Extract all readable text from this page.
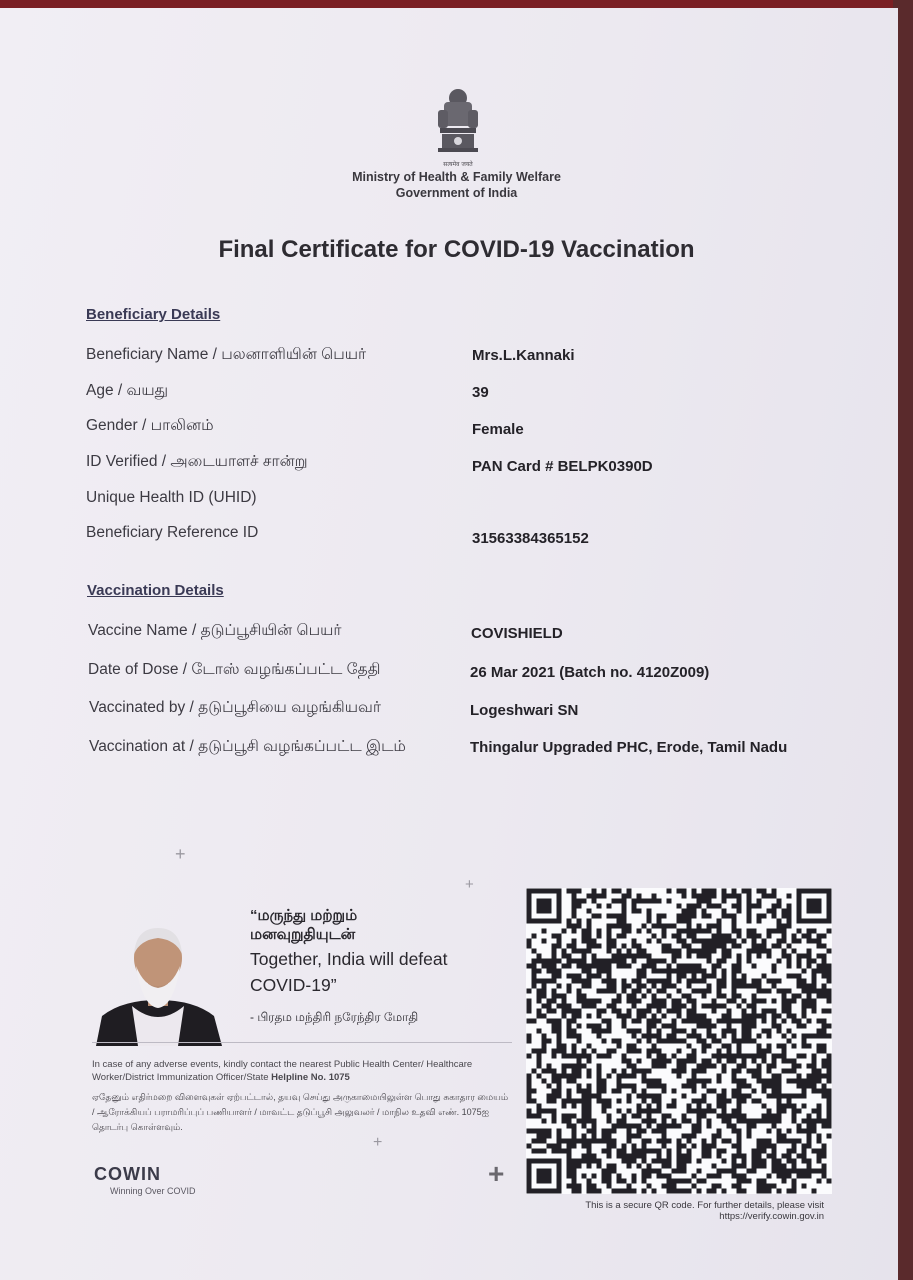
सत्यमेव जयते
Ministry of Health & Family Welfare
Government of India
Final Certificate for COVID-19 Vaccination
Beneficiary Details
Beneficiary Name / பலனாளியின் பெயர்	Mrs.L.Kannaki
Age / வயது	39
Gender / பாலினம்	Female
ID Verified / அடையாளச் சான்று	PAN Card # BELPK0390D
Unique Health ID (UHID)
Beneficiary Reference ID	31563384365152
Vaccination Details
Vaccine Name / தடுப்பூசியின் பெயர்	COVISHIELD
Date of Dose / டோஸ் வழங்கப்பட்ட தேதி	26 Mar 2021 (Batch no. 4120Z009)
Vaccinated by / தடுப்பூசியை வழங்கியவர்	Logeshwari SN
Vaccination at / தடுப்பூசி வழங்கப்பட்ட இடம்	Thingalur Upgraded PHC, Erode, Tamil Nadu
+
+
+
+
“மருந்து மற்றும்
மனவுறுதியுடன்
Together, India will defeat
COVID-19”
- பிரதம மந்திரி நரேந்திர மோதி
In case of any adverse events, kindly contact the nearest Public Health Center/ Healthcare Worker/District Immunization Officer/State Helpline No. 1075
ஏதேனும் எதிர்மறை விளைவுகள் ஏற்பட்டால், தயவு செய்து அருகாமையிலுள்ள பொது சுகாதார மையம் / ஆரோக்கியப் பராமரிப்புப் பணியாளர் / மாவட்ட தடுப்பூசி அலுவலர் / மாநில உதவி எண். 1075ஐ தொடர்பு கொள்ளவும்.
COWIN
Winning Over COVID
This is a secure QR code. For further details, please visit
https://verify.cowin.gov.in
